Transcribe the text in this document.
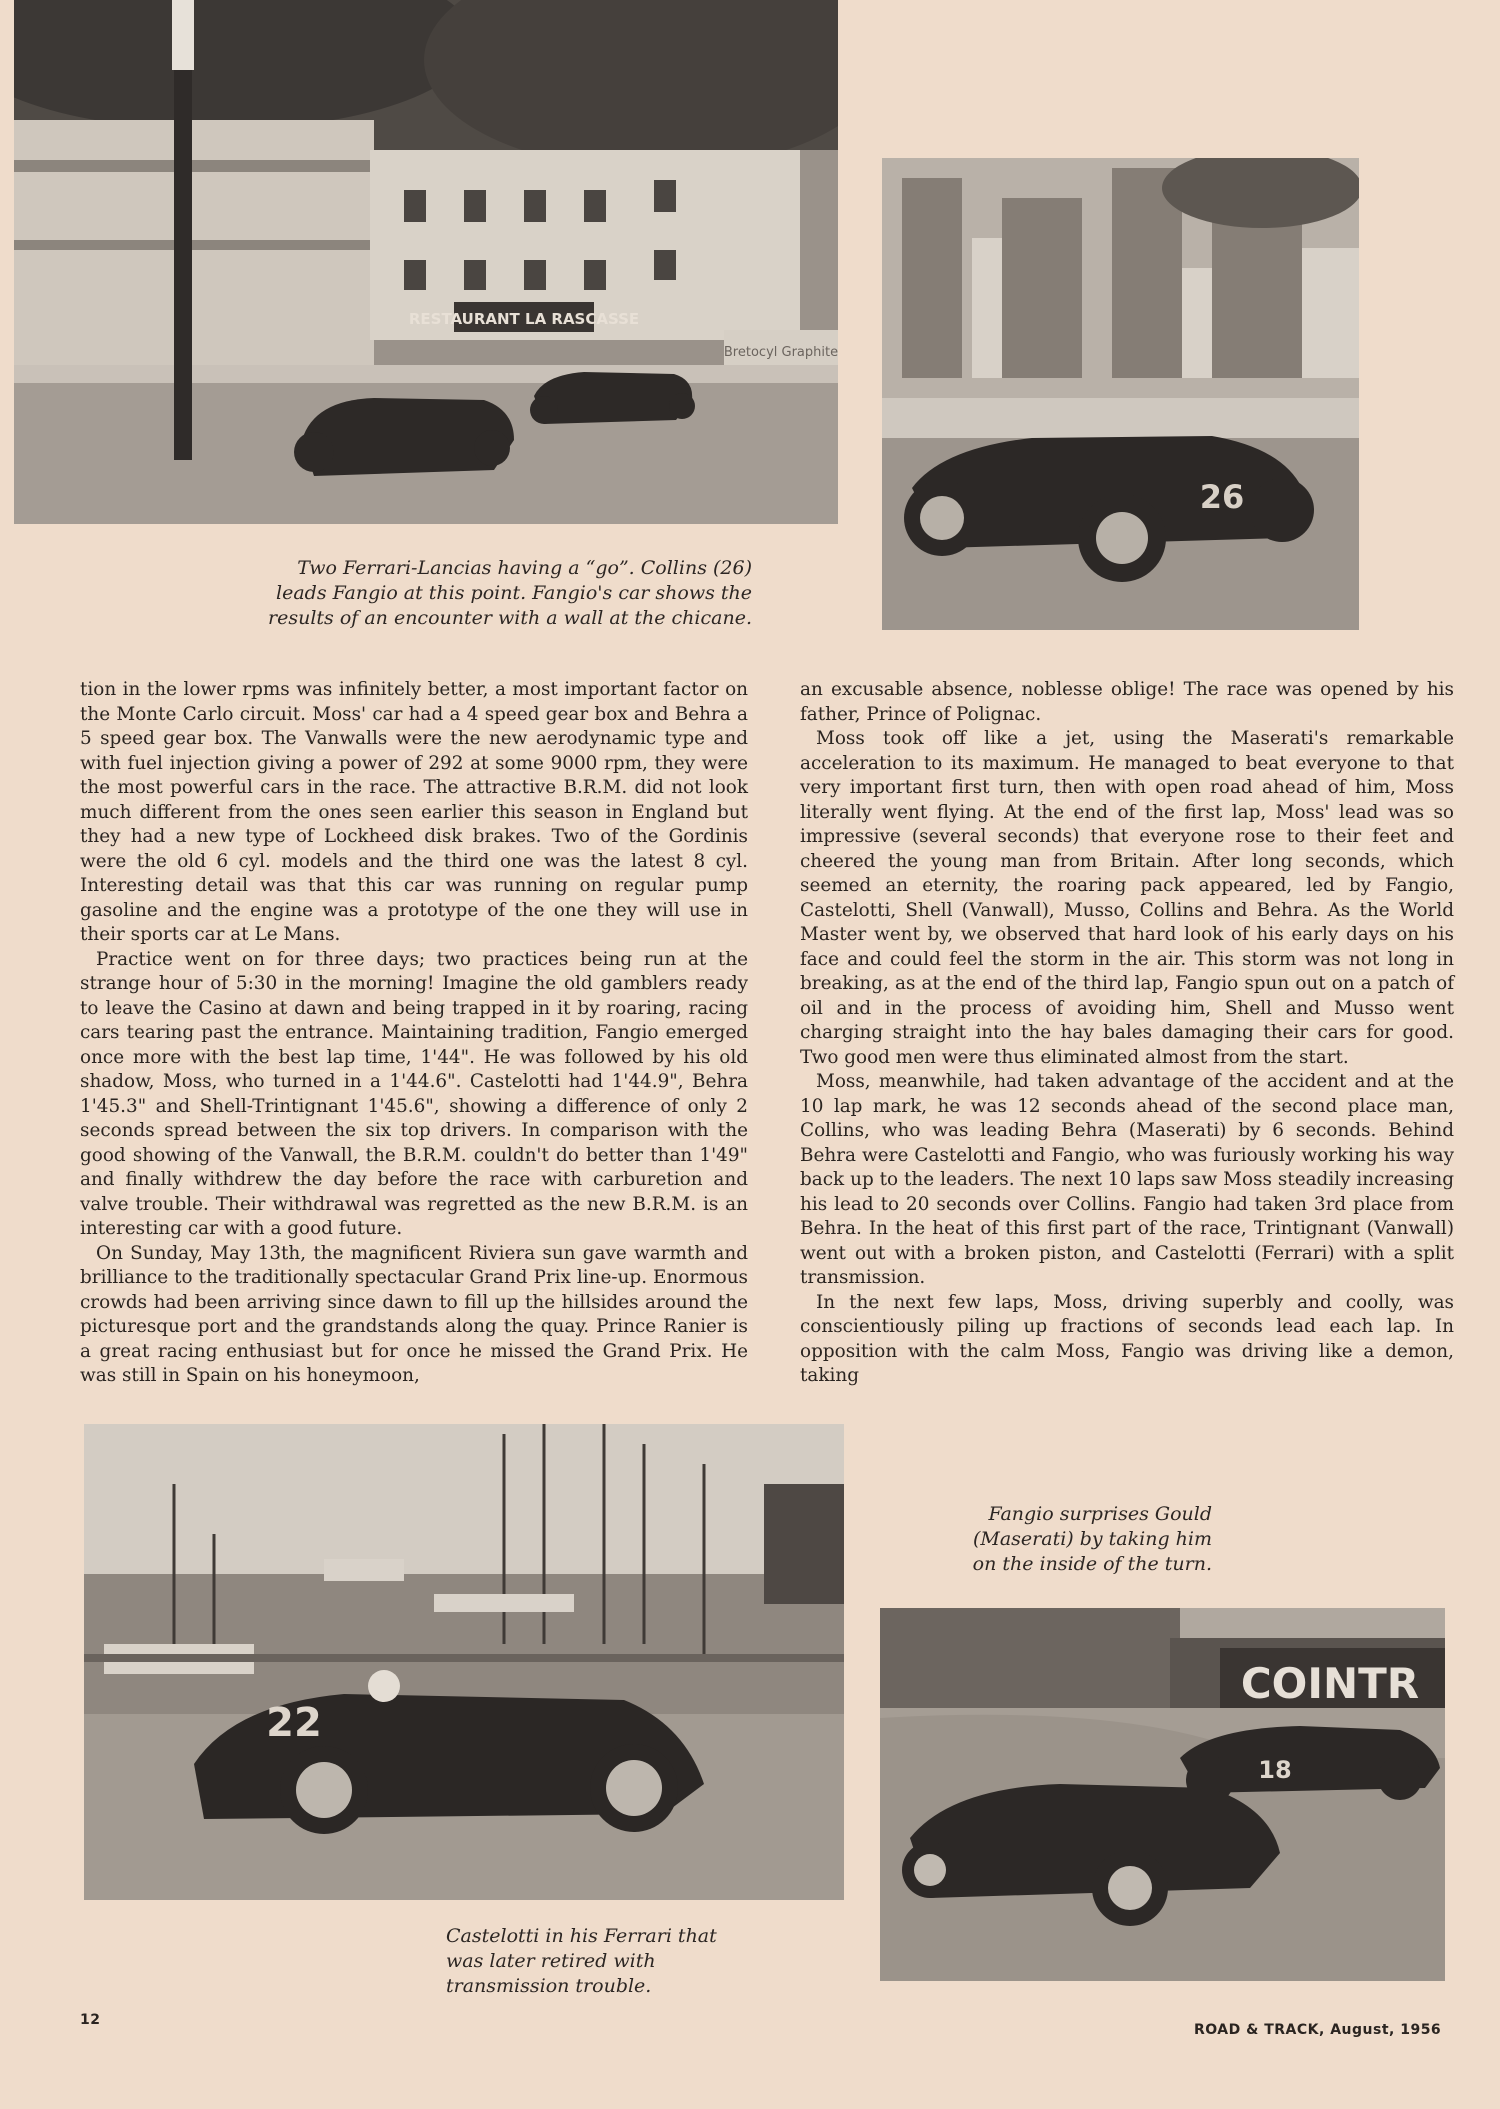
RESTAURANT LA RASCASSE
Bretocyl Graphite
26
Two Ferrari-Lancias having a “go”. Collins (26) leads Fangio at this point. Fangio's car shows the results of an encounter with a wall at the chicane.

tion in the lower rpms was infinitely better, a most important factor on the Monte Carlo circuit. Moss' car had a 4 speed gear box and Behra a 5 speed gear box. The Vanwalls were the new aerodynamic type and with fuel injection giving a power of 292 at some 9000 rpm, they were the most powerful cars in the race. The attractive B.R.M. did not look much different from the ones seen earlier this season in England but they had a new type of Lockheed disk brakes. Two of the Gordinis were the old 6 cyl. models and the third one was the latest 8 cyl. Interesting detail was that this car was running on regular pump gasoline and the engine was a prototype of the one they will use in their sports car at Le Mans.

Practice went on for three days; two practices being run at the strange hour of 5:30 in the morning! Imagine the old gamblers ready to leave the Casino at dawn and being trapped in it by roaring, racing cars tearing past the entrance. Maintaining tradition, Fangio emerged once more with the best lap time, 1'44". He was followed by his old shadow, Moss, who turned in a 1'44.6". Castelotti had 1'44.9", Behra 1'45.3" and Shell-Trintignant 1'45.6", showing a difference of only 2 seconds spread between the six top drivers. In comparison with the good showing of the Vanwall, the B.R.M. couldn't do better than 1'49" and finally withdrew the day before the race with carburetion and valve trouble. Their withdrawal was regretted as the new B.R.M. is an interesting car with a good future.

On Sunday, May 13th, the magnificent Riviera sun gave warmth and brilliance to the traditionally spectacular Grand Prix line-up. Enormous crowds had been arriving since dawn to fill up the hillsides around the picturesque port and the grandstands along the quay. Prince Ranier is a great racing enthusiast but for once he missed the Grand Prix. He was still in Spain on his honeymoon,

an excusable absence, noblesse oblige! The race was opened by his father, Prince of Polignac.

Moss took off like a jet, using the Maserati's remarkable acceleration to its maximum. He managed to beat everyone to that very important first turn, then with open road ahead of him, Moss literally went flying. At the end of the first lap, Moss' lead was so impressive (several seconds) that everyone rose to their feet and cheered the young man from Britain. After long seconds, which seemed an eternity, the roaring pack appeared, led by Fangio, Castelotti, Shell (Vanwall), Musso, Collins and Behra. As the World Master went by, we observed that hard look of his early days on his face and could feel the storm in the air. This storm was not long in breaking, as at the end of the third lap, Fangio spun out on a patch of oil and in the process of avoiding him, Shell and Musso went charging straight into the hay bales damaging their cars for good. Two good men were thus eliminated almost from the start.

Moss, meanwhile, had taken advantage of the accident and at the 10 lap mark, he was 12 seconds ahead of the second place man, Collins, who was leading Behra (Maserati) by 6 seconds. Behind Behra were Castelotti and Fangio, who was furiously working his way back up to the leaders. The next 10 laps saw Moss steadily increasing his lead to 20 seconds over Collins. Fangio had taken 3rd place from Behra. In the heat of this first part of the race, Trintignant (Vanwall) went out with a broken piston, and Castelotti (Ferrari) with a split transmission.

In the next few laps, Moss, driving superbly and coolly, was conscientiously piling up fractions of seconds lead each lap. In opposition with the calm Moss, Fangio was driving like a demon, taking

22
Fangio surprises Gould (Maserati) by taking him on the inside of the turn.
COINTR
18
Castelotti in his Ferrari that was later retired with transmission trouble.
12
ROAD & TRACK, August, 1956
